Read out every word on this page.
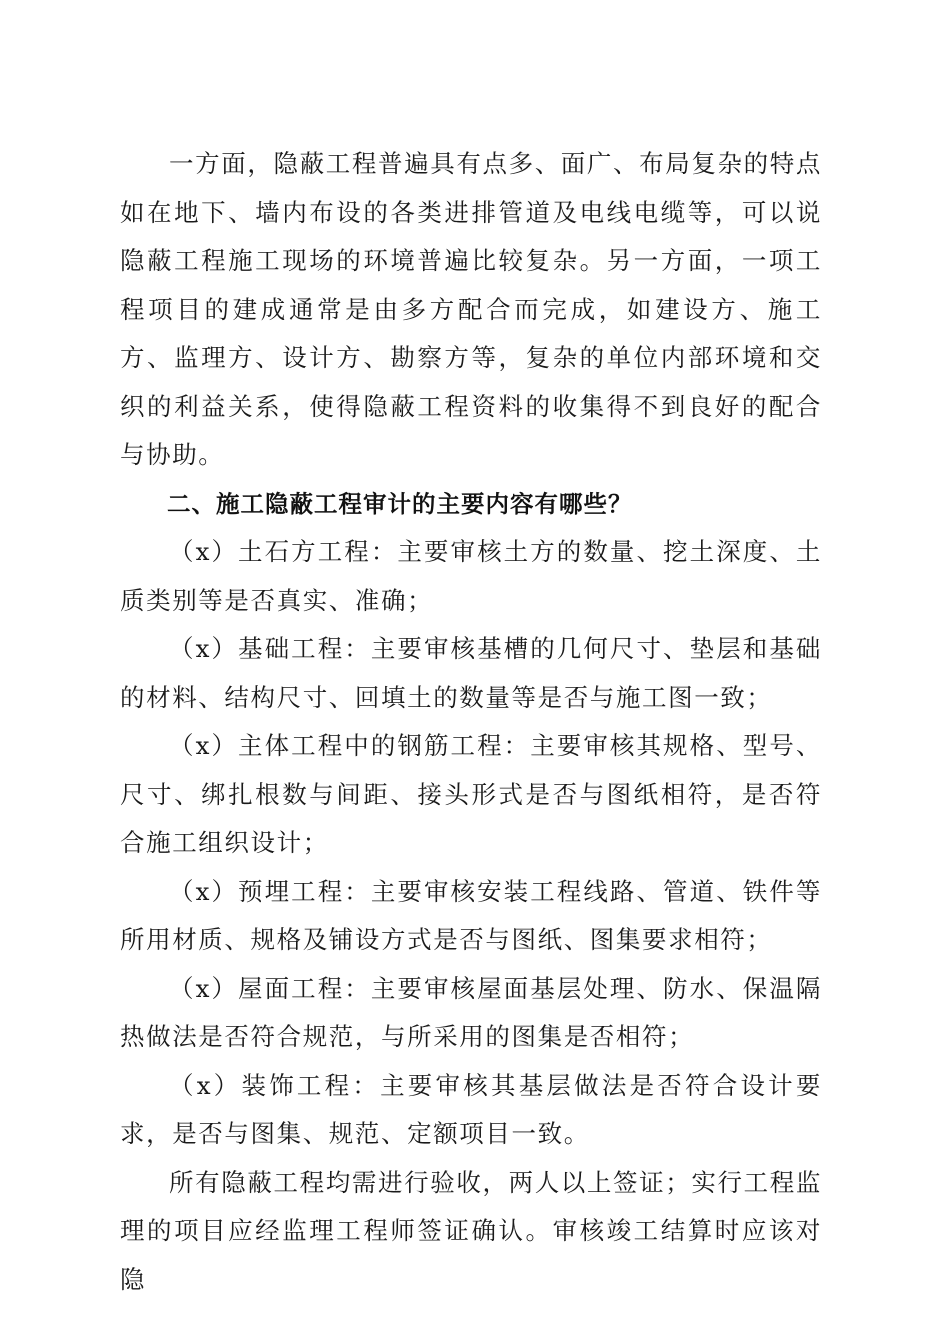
一方面，隐蔽工程普遍具有点多、面广、布局复杂的特点如在地下、墙内布设的各类进排管道及电线电缆等，可以说隐蔽工程施工现场的环境普遍比较复杂。另一方面，一项工程项目的建成通常是由多方配合而完成，如建设方、施工方、监理方、设计方、勘察方等，复杂的单位内部环境和交织的利益关系，使得隐蔽工程资料的收集得不到良好的配合与协助。

二、施工隐蔽工程审计的主要内容有哪些？

（x）土石方工程：主要审核土方的数量、挖土深度、土质类别等是否真实、准确；

（x）基础工程：主要审核基槽的几何尺寸、垫层和基础的材料、结构尺寸、回填土的数量等是否与施工图一致；

（x）主体工程中的钢筋工程：主要审核其规格、型号、尺寸、绑扎根数与间距、接头形式是否与图纸相符，是否符合施工组织设计；

（x）预埋工程：主要审核安装工程线路、管道、铁件等所用材质、规格及铺设方式是否与图纸、图集要求相符；

（x）屋面工程：主要审核屋面基层处理、防水、保温隔热做法是否符合规范，与所采用的图集是否相符；

（x）装饰工程：主要审核其基层做法是否符合设计要求，是否与图集、规范、定额项目一致。

所有隐蔽工程均需进行验收，两人以上签证；实行工程监理的项目应经监理工程师签证确认。审核竣工结算时应该对隐
